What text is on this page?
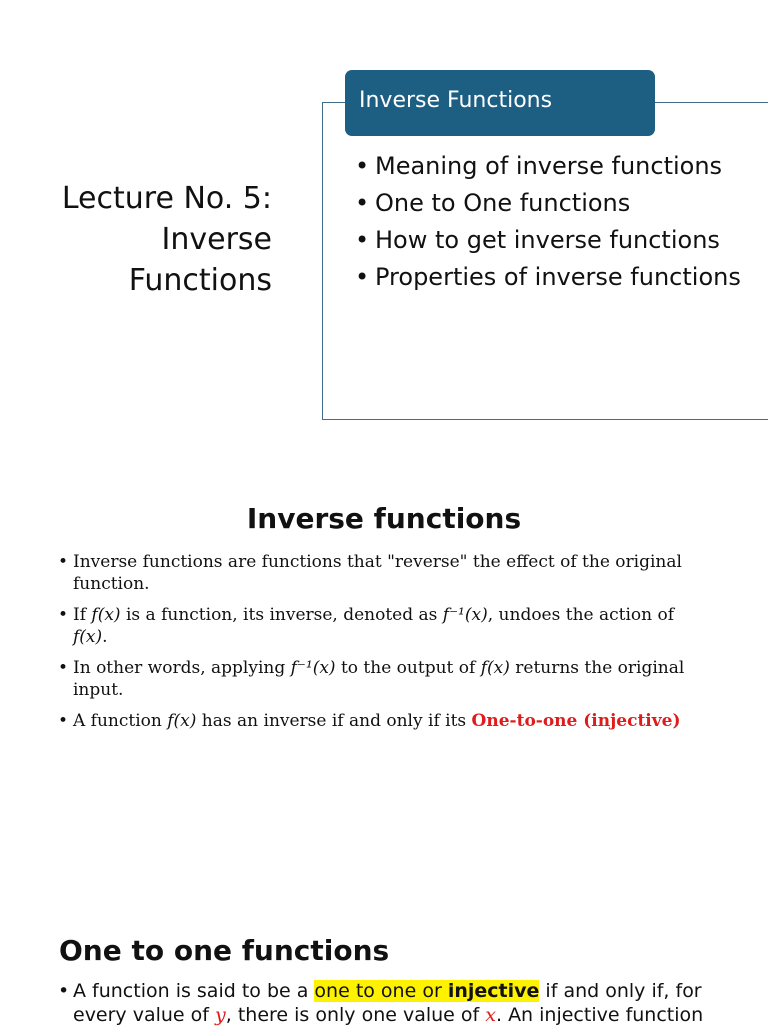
Lecture No. 5:
Inverse
Functions
Inverse Functions
• Meaning of inverse functions
• One to One functions
• How to get inverse functions
• Properties of inverse functions
Inverse functions
• Inverse functions are functions that "reverse" the effect of the original function.
• If f(x) is a function, its inverse, denoted as f⁻¹(x), undoes the action of f(x).
• In other words, applying f⁻¹(x) to the output of f(x) returns the original input.
• A function f(x) has an inverse if and only if its One-to-one (injective)
One to one functions
• A function is said to be a one to one or injective if and only if, for every value of y, there is only one value of x. An injective function
